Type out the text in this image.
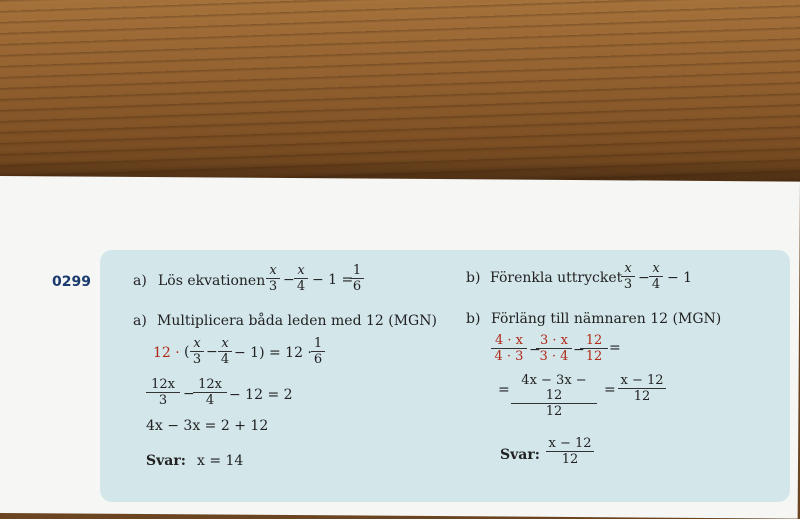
0299	a) Lös ekvationen $\frac{x}{3} - \frac{x}{4} - 1$ =
$\frac{1}{6}$	b) Förenkla uttrycket
$\frac{x}{3} - \frac{x}{4} - 1$
a) Multiplicera båda leden med 12 (MGN)
12 · ( $\frac{x}{3} - \frac{x}{4} - 1) = 12 \cdot \frac{1}{6}$
$\frac{12x}{3}$ −
$\frac{12x}{4} - 12 = 2$
4x − 3x = 2 + 12
Svar: x = 14
b) Förläng till nämnaren 12 (MGN)
$\frac{4 \cdot x}{4 \cdot 3}$ −
$\frac{3 \cdot x}{3 \cdot 4}$ −
$\frac{12}{12}$ =
= $\frac{4x - 3x - 12}{12} = \frac{x - 12}{12}$
Svar: $\frac{x - 12}{12}$
